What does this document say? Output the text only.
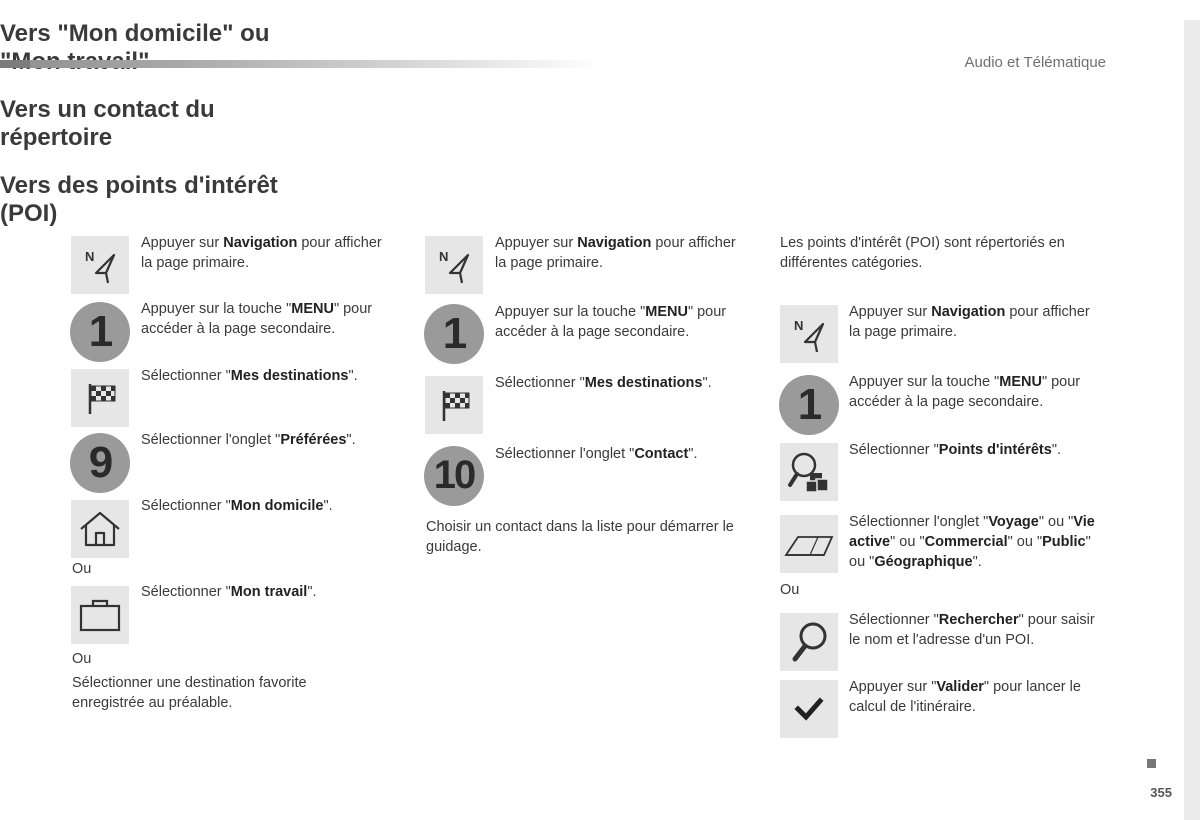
Audio et Télématique
Vers "Mon domicile" ou
N
Appuyer sur Navigation pour afficher la page primaire.
1	Appuyer sur la touche "MENU" pour accéder à la page secondaire.
Sélectionner "Mes destinations".
9	Sélectionner l'onglet "Préférées".
Sélectionner "Mon domicile".
Ou
Sélectionner "Mon travail".
Ou
Sélectionner une destination favorite enregistrée au préalable.
Vers un contact du répertoire
N
Appuyer sur Navigation pour afficher la page primaire.
1	Appuyer sur la touche "MENU" pour accéder à la page secondaire.
Sélectionner "Mes destinations".
10	Sélectionner l'onglet "Contact".
Choisir un contact dans la liste pour démarrer le guidage.
Vers des points d'intérêt (POI)
Les points d'intérêt (POI) sont répertoriés en différentes catégories.
N
Appuyer sur Navigation pour afficher la page primaire.
1	Appuyer sur la touche "MENU" pour accéder à la page secondaire.
Sélectionner "Points d'intérêts".
Sélectionner l'onglet "Voyage" ou "Vie active" ou "Commercial" ou "Public" ou "Géographique".
Ou
Sélectionner "Rechercher" pour saisir le nom et l'adresse d'un POI.
Appuyer sur "Valider" pour lancer le calcul de l'itinéraire.
355
